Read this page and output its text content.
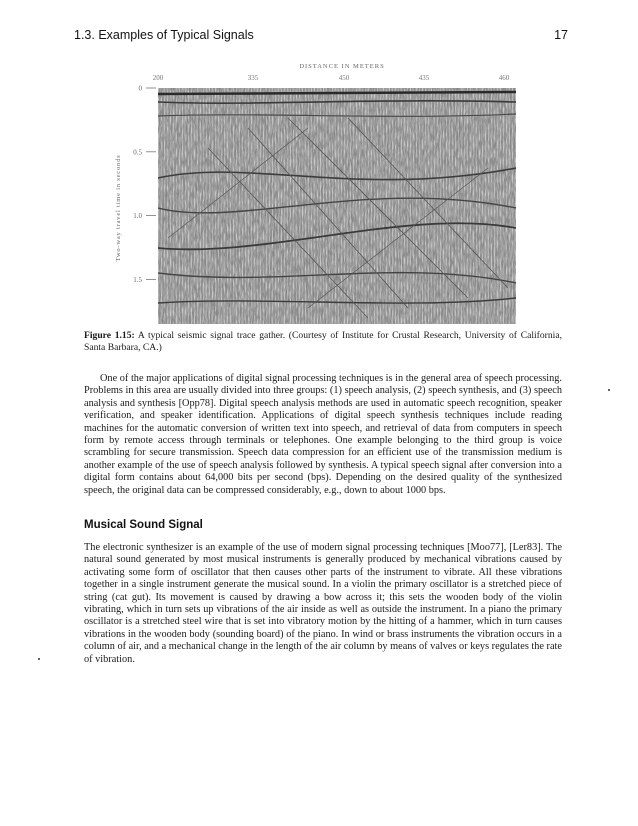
1.3. Examples of Typical Signals	17
DISTANCE IN METERS
200	335	450	435	460
Two-way travel time in seconds
0
0.5
1.0
1.5
Figure 1.15: A typical seismic signal trace gather. (Courtesy of Institute for Crustal Research, University of California, Santa Barbara, CA.)

One of the major applications of digital signal processing techniques is in the general area of speech processing. Problems in this area are usually divided into three groups: (1) speech analysis, (2) speech synthesis, and (3) speech analysis and synthesis [Opp78]. Digital speech analysis methods are used in automatic speech recognition, speaker verification, and speaker identification. Applications of digital speech synthesis techniques include reading machines for the automatic conversion of written text into speech, and retrieval of data from computers in speech form by remote access through terminals or telephones. One example belonging to the third group is voice scrambling for secure transmission. Speech data compression for an efficient use of the transmission medium is another example of the use of speech analysis followed by synthesis. A typical speech signal after conversion into a digital form contains about 64,000 bits per second (bps). Depending on the desired quality of the synthesized speech, the original data can be compressed considerably, e.g., down to about 1000 bps.

Musical Sound Signal

The electronic synthesizer is an example of the use of modern signal processing techniques [Moo77], [Ler83]. The natural sound generated by most musical instruments is generally produced by mechanical vibrations caused by activating some form of oscillator that then causes other parts of the instrument to vibrate. All these vibrations together in a single instrument generate the musical sound. In a violin the primary oscillator is a stretched piece of string (cat gut). Its movement is caused by drawing a bow across it; this sets the wooden body of the violin vibrating, which in turn sets up vibrations of the air inside as well as outside the instrument. In a piano the primary oscillator is a stretched steel wire that is set into vibratory motion by the hitting of a hammer, which in turn causes vibrations in the wooden body (sounding board) of the piano. In wind or brass instruments the vibration occurs in a column of air, and a mechanical change in the length of the air column by means of valves or keys regulates the rate of vibration.
